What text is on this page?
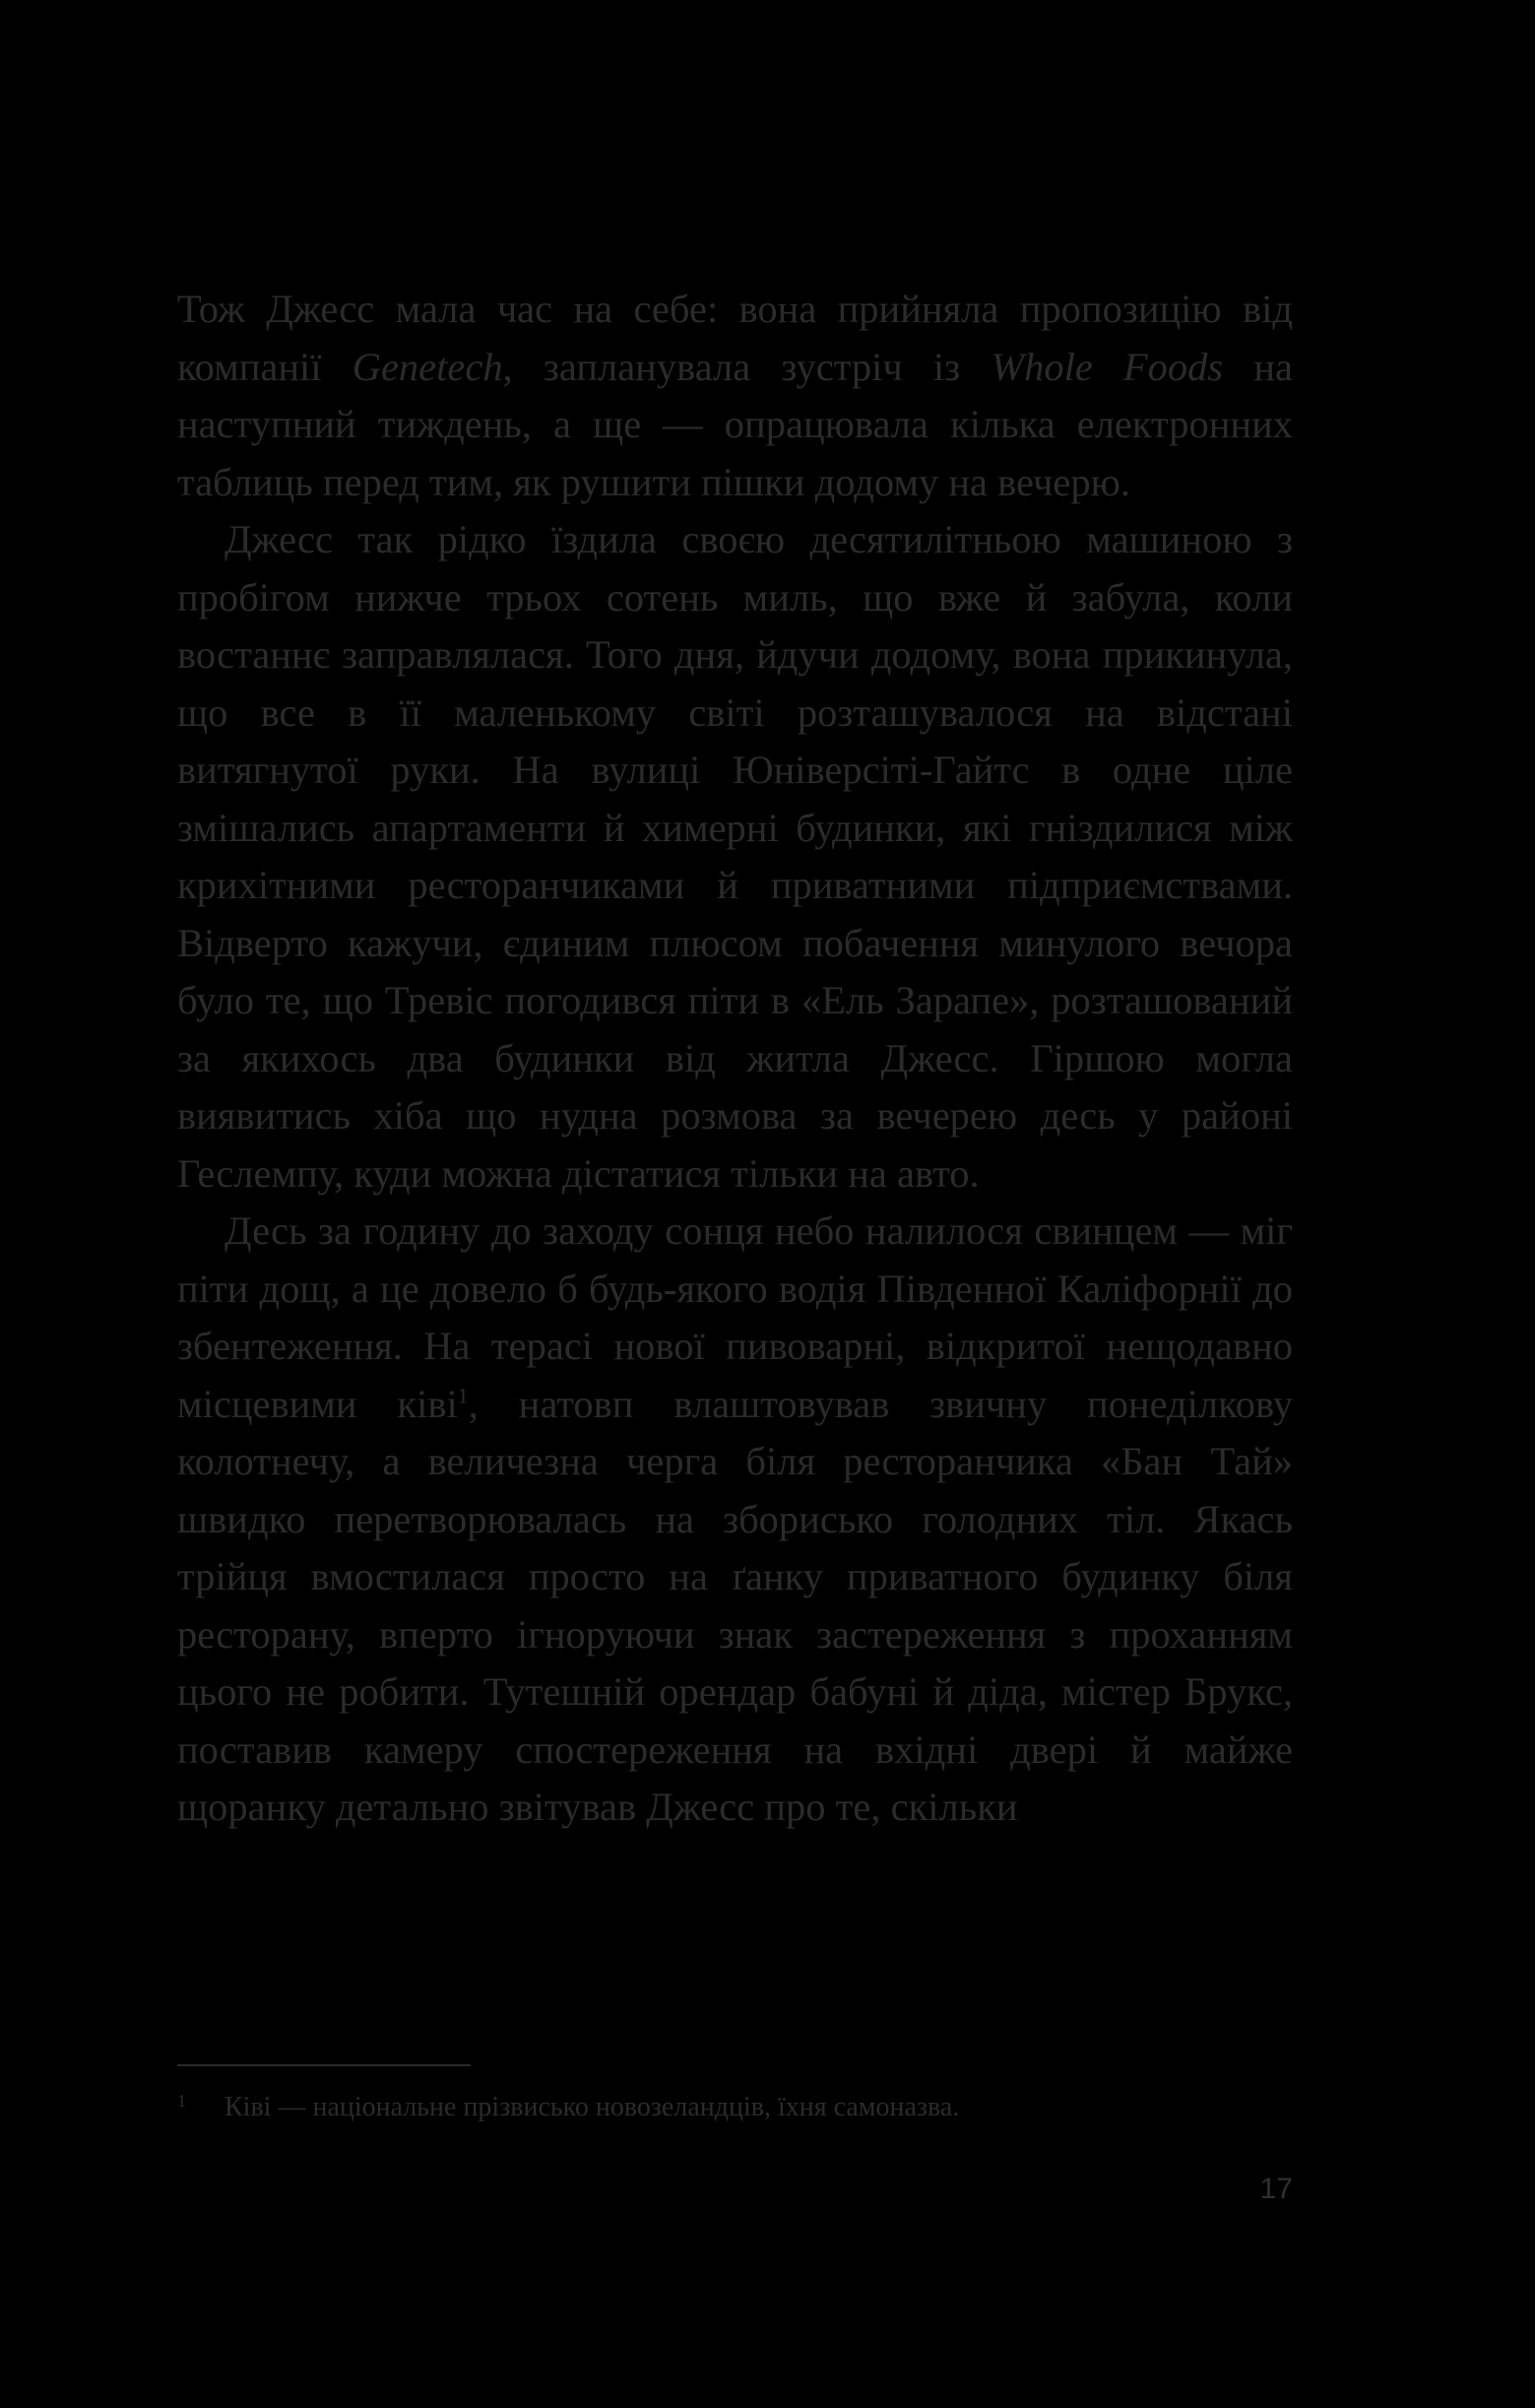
Тож Джесс мала час на себе: вона прийняла пропозицію від компанії Genetech, запланувала зустріч із Whole Foods на наступний тиждень, а ще — опрацювала кілька електронних таблиць перед тим, як рушити пішки додому на вечерю.

Джесс так рідко їздила своєю десятилітньою машиною з пробігом нижче трьох сотень миль, що вже й забула, коли востаннє заправлялася. Того дня, йдучи додому, вона прикинула, що все в її маленькому світі розташувалося на відстані витягнутої руки. На вулиці Юніверсіті-Гайтс в одне ціле змішались апартаменти й химерні будинки, які гніздилися між крихітними ресторанчиками й приватними підприємствами. Відверто кажучи, єдиним плюсом побачення минулого вечора було те, що Тревіс погодився піти в «Ель Зарапе», розташований за якихось два будинки від житла Джесс. Гіршою могла виявитись хіба що нудна розмова за вечерею десь у районі Геслемпу, куди можна дістатися тільки на авто.

Десь за годину до заходу сонця небо налилося свинцем — міг піти дощ, а це довело б будь-якого водія Південної Каліфорнії до збентеження. На терасі нової пивоварні, відкритої нещодавно місцевими ківі$^1$, натовп влаштовував звичну понеділкову колотнечу, а величезна черга біля ресторанчика «Бан Тай» швидко перетворювалась на зборисько голодних тіл. Якась трійця вмостилася просто на ґанку приватного будинку біля ресторану, вперто ігноруючи знак застереження з проханням цього не робити. Тутешній орендар бабуні й діда, містер Брукс, поставив камеру спостереження на вхідні двері й майже щоранку детально звітував Джесс про те, скільки

1 Ківі — національне прізвисько новозеландців, їхня самоназва.
17
